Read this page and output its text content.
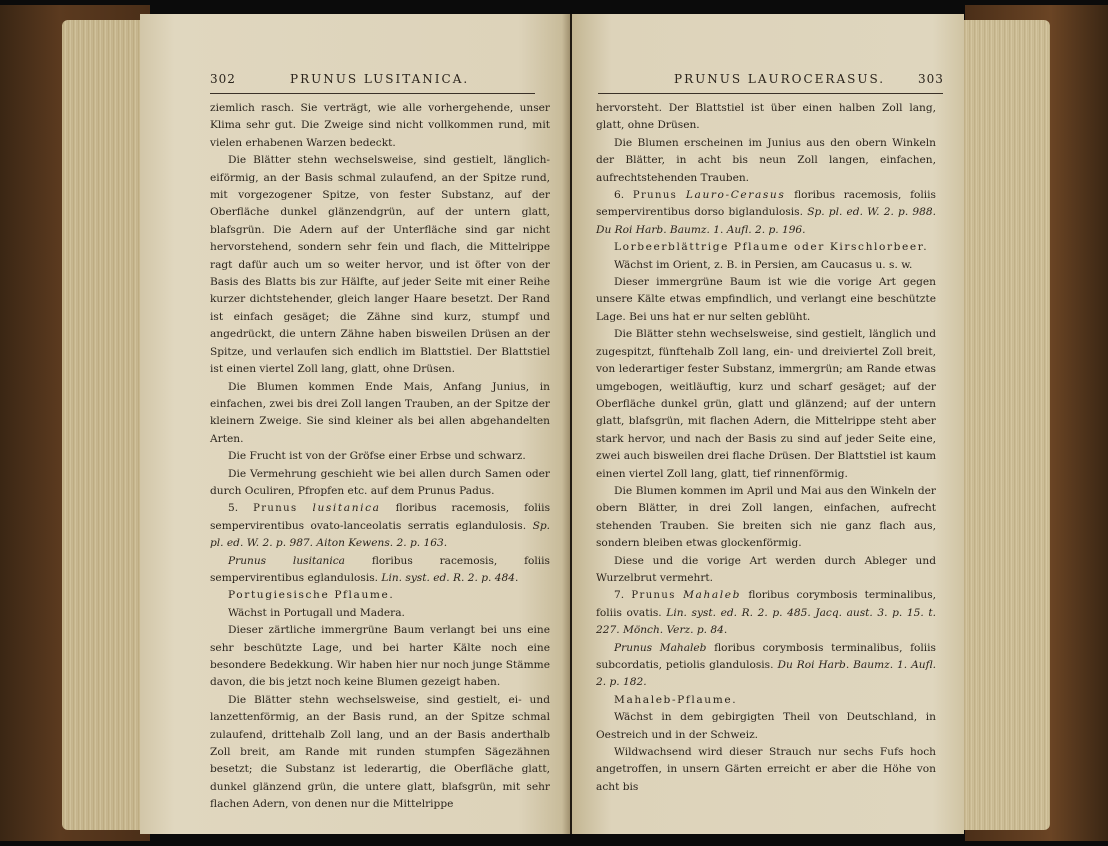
302	PRUNUS LUSITANICA.

ziemlich rasch. Sie verträgt, wie alle vorhergehende, unser Klima sehr gut. Die Zweige sind nicht vollkommen rund, mit vielen erhabenen Warzen bedeckt.

Die Blätter stehn wechselsweise, sind gestielt, länglich-eiförmig, an der Basis schmal zulaufend, an der Spitze rund, mit vorgezogener Spitze, von fester Substanz, auf der Oberfläche dunkel glänzendgrün, auf der untern glatt, blafsgrün. Die Adern auf der Unterfläche sind gar nicht hervorstehend, sondern sehr fein und flach, die Mittelrippe ragt dafür auch um so weiter hervor, und ist öfter von der Basis des Blatts bis zur Hälfte, auf jeder Seite mit einer Reihe kurzer dichtstehender, gleich langer Haare besetzt. Der Rand ist einfach gesäget; die Zähne sind kurz, stumpf und angedrückt, die untern Zähne haben bisweilen Drüsen an der Spitze, und verlaufen sich endlich im Blattstiel. Der Blattstiel ist einen viertel Zoll lang, glatt, ohne Drüsen.

Die Blumen kommen Ende Mais, Anfang Junius, in einfachen, zwei bis drei Zoll langen Trauben, an der Spitze der kleinern Zweige. Sie sind kleiner als bei allen abgehandelten Arten.

Die Frucht ist von der Gröfse einer Erbse und schwarz.

Die Vermehrung geschieht wie bei allen durch Samen oder durch Oculiren, Pfropfen etc. auf dem Prunus Padus.

5. Prunus lusitanica floribus racemosis, foliis sempervirentibus ovato-lanceolatis serratis eglandulosis. Sp. pl. ed. W. 2. p. 987. Aiton Kewens. 2. p. 163.

Prunus lusitanica	floribus racemosis, foliis sempervirentibus eglandulosis. Lin. syst. ed. R. 2. p. 484.

Portugiesische Pflaume.

Wächst in Portugall und Madera.

Dieser zärtliche immergrüne Baum verlangt bei uns eine sehr beschützte Lage, und bei harter Kälte noch eine besondere Bedekkung. Wir haben hier nur noch junge Stämme davon, die bis jetzt noch keine Blumen gezeigt haben.

Die Blätter stehn wechselsweise, sind gestielt, ei- und lanzettenförmig, an der Basis rund, an der Spitze schmal zulaufend, drittehalb Zoll lang, und an der Basis anderthalb Zoll breit, am Rande mit runden stumpfen Sägezähnen besetzt; die Substanz ist lederartig, die Oberfläche glatt, dunkel glänzend grün, die untere glatt, blafsgrün, mit sehr flachen Adern, von denen nur die Mittelrippe

PRUNUS LAUROCERASUS.	303

hervorsteht. Der Blattstiel ist über einen halben Zoll lang, glatt, ohne Drüsen.

Die Blumen erscheinen im Junius aus den obern Winkeln der Blätter, in acht bis neun Zoll langen, einfachen, aufrechtstehenden Trauben.

6. Prunus Lauro-Cerasus floribus racemosis, foliis sempervirentibus dorso biglandulosis. Sp. pl. ed. W. 2. p. 988. Du Roi Harb. Baumz. 1. Aufl. 2. p. 196.

Lorbeerblättrige Pflaume oder Kirschlorbeer.

Wächst im Orient, z. B. in Persien, am Caucasus u. s. w.

Dieser immergrüne Baum ist wie die vorige Art gegen unsere Kälte etwas empfindlich, und verlangt eine beschützte Lage. Bei uns hat er nur selten geblüht.

Die Blätter stehn wechselsweise, sind gestielt, länglich und zugespitzt, fünftehalb Zoll lang, ein- und dreiviertel Zoll breit, von lederartiger fester Substanz, immergrün; am Rande etwas umgebogen, weitläuftig, kurz und scharf gesäget; auf der Oberfläche dunkel grün, glatt und glänzend; auf der untern glatt, blafsgrün, mit flachen Adern, die Mittelrippe steht aber stark hervor, und nach der Basis zu sind auf jeder Seite eine, zwei auch bisweilen drei flache Drüsen. Der Blattstiel ist kaum einen viertel Zoll lang, glatt, tief rinnenförmig.

Die Blumen kommen im April und Mai aus den Winkeln der obern Blätter, in drei Zoll langen, einfachen, aufrecht stehenden Trauben. Sie breiten sich nie ganz flach aus, sondern bleiben etwas glockenförmig.

Diese und die vorige Art werden durch Ableger und Wurzelbrut vermehrt.

7. Prunus Mahaleb floribus corymbosis terminalibus, foliis ovatis. Lin. syst. ed. R. 2. p. 485. Jacq. aust. 3. p. 15. t. 227. Mönch. Verz. p. 84.

Prunus Mahaleb floribus corymbosis terminalibus, foliis subcordatis, petiolis glandulosis. Du Roi Harb. Baumz. 1. Aufl. 2. p. 182.

Mahaleb-Pflaume.

Wächst in dem gebirgigten Theil von Deutschland, in Oestreich und in der Schweiz.

Wildwachsend wird dieser Strauch nur sechs Fufs hoch angetroffen, in unsern Gärten erreicht er aber die Höhe von acht bis
